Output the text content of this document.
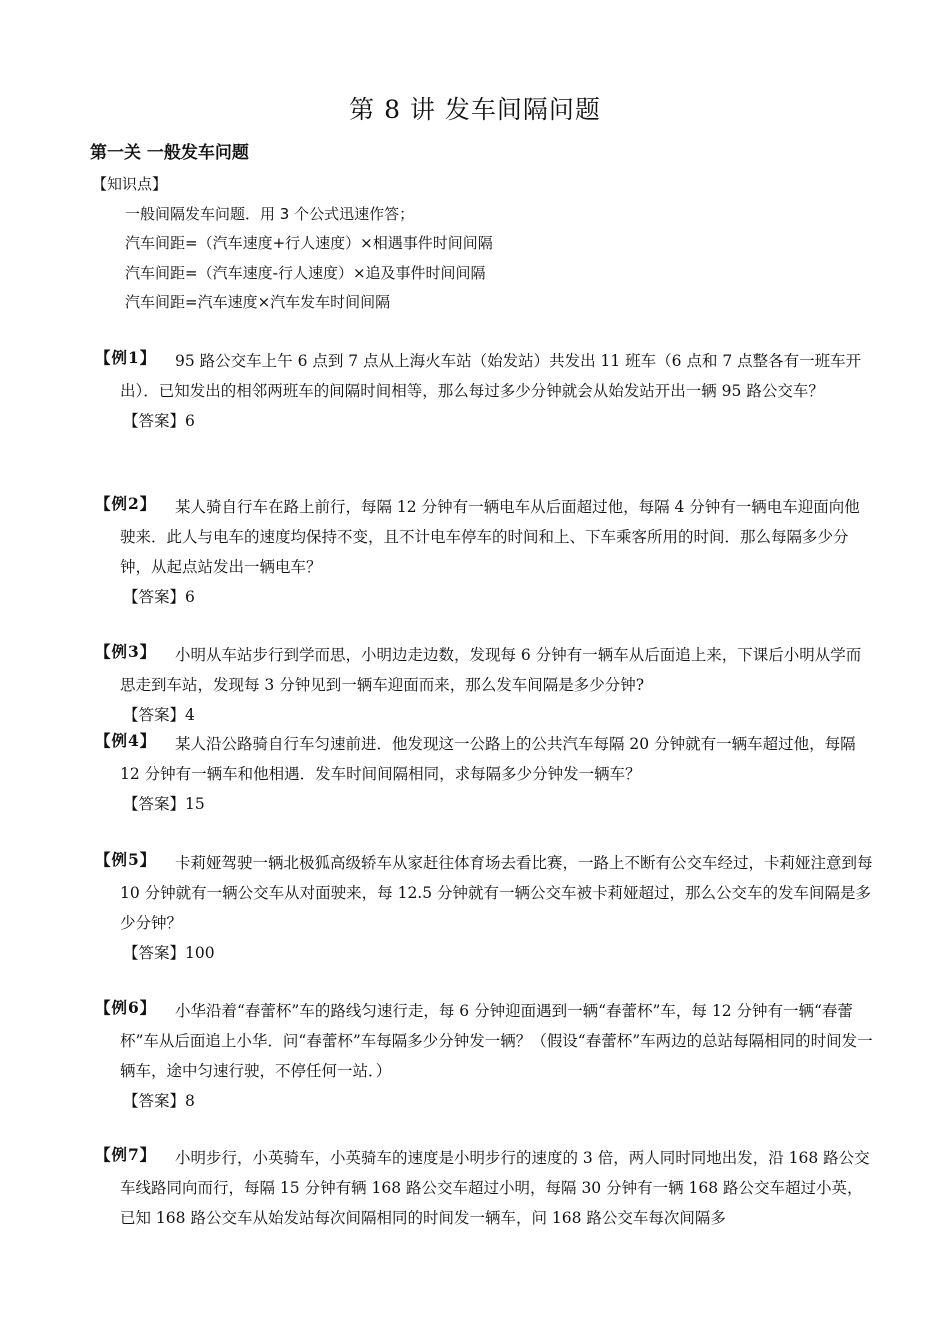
第 8 讲 发车间隔问题
第一关 一般发车问题
【知识点】
一般间隔发车问题．用 3 个公式迅速作答；
汽车间距=（汽车速度+行人速度）×相遇事件时间间隔
汽车间距=（汽车速度-行人速度）×追及事件时间间隔
汽车间距=汽车速度×汽车发车时间间隔
【例1】	95 路公交车上午 6 点到 7 点从上海火车站（始发站）共发出 11 班车（6 点和 7 点整各有一班车开出）．已知发出的相邻两班车的间隔时间相等，那么每过多少分钟就会从始发站开出一辆 95 路公交车？
【答案】6
【例2】	某人骑自行车在路上前行，每隔 12 分钟有一辆电车从后面超过他，每隔 4 分钟有一辆电车迎面向他驶来．此人与电车的速度均保持不变，且不计电车停车的时间和上、下车乘客所用的时间．那么每隔多少分钟，从起点站发出一辆电车？
【答案】6
【例3】	小明从车站步行到学而思，小明边走边数，发现每 6 分钟有一辆车从后面追上来，下课后小明从学而思走到车站，发现每 3 分钟见到一辆车迎面而来，那么发车间隔是多少分钟?
【答案】4
【例4】	某人沿公路骑自行车匀速前进．他发现这一公路上的公共汽车每隔 20 分钟就有一辆车超过他，每隔 12 分钟有一辆车和他相遇．发车时间间隔相同，求每隔多少分钟发一辆车？
【答案】15
【例5】	卡莉娅驾驶一辆北极狐高级轿车从家赶往体育场去看比赛，一路上不断有公交车经过，卡莉娅注意到每 10 分钟就有一辆公交车从对面驶来，每 12.5 分钟就有一辆公交车被卡莉娅超过，那么公交车的发车间隔是多少分钟？
【答案】100
【例6】	小华沿着“春蕾杯”车的路线匀速行走，每 6 分钟迎面遇到一辆“春蕾杯”车，每 12 分钟有一辆“春蕾杯”车从后面追上小华．问“春蕾杯”车每隔多少分钟发一辆？（假设“春蕾杯”车两边的总站每隔相同的时间发一辆车，途中匀速行驶，不停任何一站．）
【答案】8
【例7】	小明步行，小英骑车，小英骑车的速度是小明步行的速度的 3 倍，两人同时同地出发，沿 168 路公交车线路同向而行，每隔 15 分钟有辆 168 路公交车超过小明，每隔 30 分钟有一辆 168 路公交车超过小英，已知 168 路公交车从始发站每次间隔相同的时间发一辆车，问 168 路公交车每次间隔多
